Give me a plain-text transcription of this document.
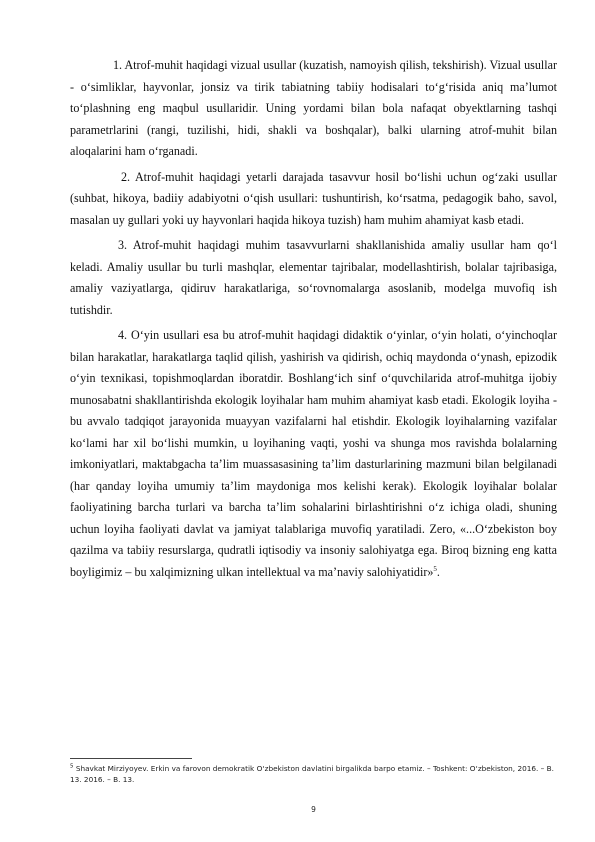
1. Atrof-muhit haqidagi vizual usullar (kuzatish, namoyish qilish, tekshirish). Vizual usullar - o‘simliklar, hayvonlar, jonsiz va tirik tabiatning tabiiy hodisalari to‘g‘risida aniq ma’lumot to‘plashning eng maqbul usullaridir. Uning yordami bilan bola nafaqat obyektlarning tashqi parametrlarini (rangi, tuzilishi, hidi, shakli va boshqalar), balki ularning atrof-muhit bilan aloqalarini ham o‘rganadi.

2. Atrof-muhit haqidagi yetarli darajada tasavvur hosil bo‘lishi uchun og‘zaki usullar (suhbat, hikoya, badiiy adabiyotni o‘qish usullari: tushuntirish, ko‘rsatma, pedagogik baho, savol, masalan uy gullari yoki uy hayvonlari haqida hikoya tuzish) ham muhim ahamiyat kasb etadi.

3. Atrof-muhit haqidagi muhim tasavvurlarni shakllanishida amaliy usullar ham qo‘l keladi. Amaliy usullar bu turli mashqlar, elementar tajribalar, modellashtirish, bolalar tajribasiga, amaliy vaziyatlarga, qidiruv harakatlariga, so‘rovnomalarga asoslanib, modelga muvofiq ish tutishdir.

4. O‘yin usullari esa bu atrof-muhit haqidagi didaktik o‘yinlar, o‘yin holati, o‘yinchoqlar bilan harakatlar, harakatlarga taqlid qilish, yashirish va qidirish, ochiq maydonda o‘ynash, epizodik o‘yin texnikasi, topishmoqlardan iboratdir. Boshlang‘ich sinf o‘quvchilarida atrof-muhitga ijobiy munosabatni shakllantirishda ekologik loyihalar ham muhim ahamiyat kasb etadi. Ekologik loyiha - bu avvalo tadqiqot jarayonida muayyan vazifalarni hal etishdir. Ekologik loyihalarning vazifalar ko‘lami har xil bo‘lishi mumkin, u loyihaning vaqti, yoshi va shunga mos ravishda bolalarning imkoniyatlari, maktabgacha ta’lim muassasasining ta’lim dasturlarining mazmuni bilan belgilanadi (har qanday loyiha umumiy ta’lim maydoniga mos kelishi kerak). Ekologik loyihalar bolalar faoliyatining barcha turlari va barcha ta’lim sohalarini birlashtirishni o‘z ichiga oladi, shuning uchun loyiha faoliyati davlat va jamiyat talablariga muvofiq yaratiladi. Zero, «...O‘zbekiston boy qazilma va tabiiy resurslarga, qudratli iqtisodiy va insoniy salohiyatga ega. Biroq bizning eng katta boyligimiz – bu xalqimizning ulkan intellektual va ma’naviy salohiyatidir»$^5$.

$^5$ Shavkat Mirziyoyev. Erkin va farovon demokratik O‘zbekiston davlatini birgalikda barpo etamiz. – Toshkent: O‘zbekiston, 2016. – B. 13. 2016. – B. 13.

9
